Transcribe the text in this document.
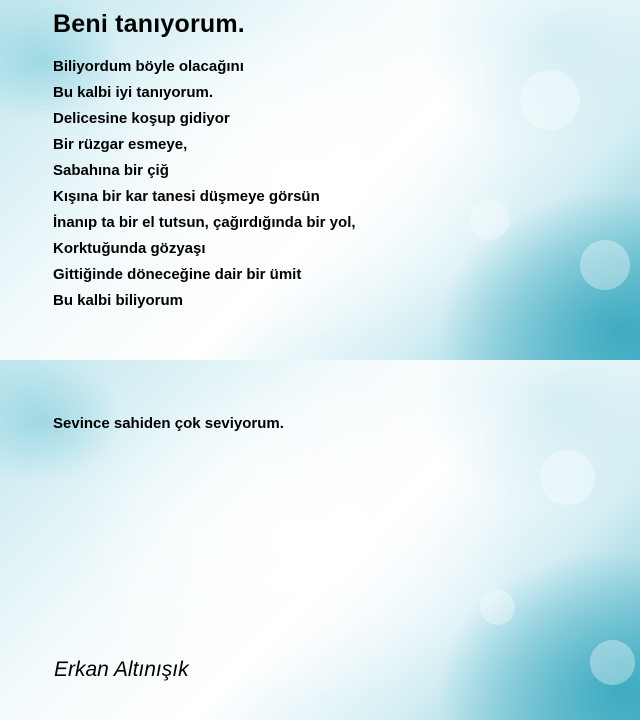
Beni tanıyorum.
Biliyordum böyle olacağını
Bu kalbi iyi tanıyorum.
Delicesine koşup gidiyor
Bir rüzgar esmeye,
Sabahına bir çiğ
Kışına bir kar tanesi düşmeye görsün
İnanıp ta bir el tutsun, çağırdığında bir yol,
Korktuğunda gözyaşı
Gittiğinde döneceğine dair bir ümit
Bu kalbi biliyorum

Sevince sahiden çok seviyorum.

Erkan Altınışık
